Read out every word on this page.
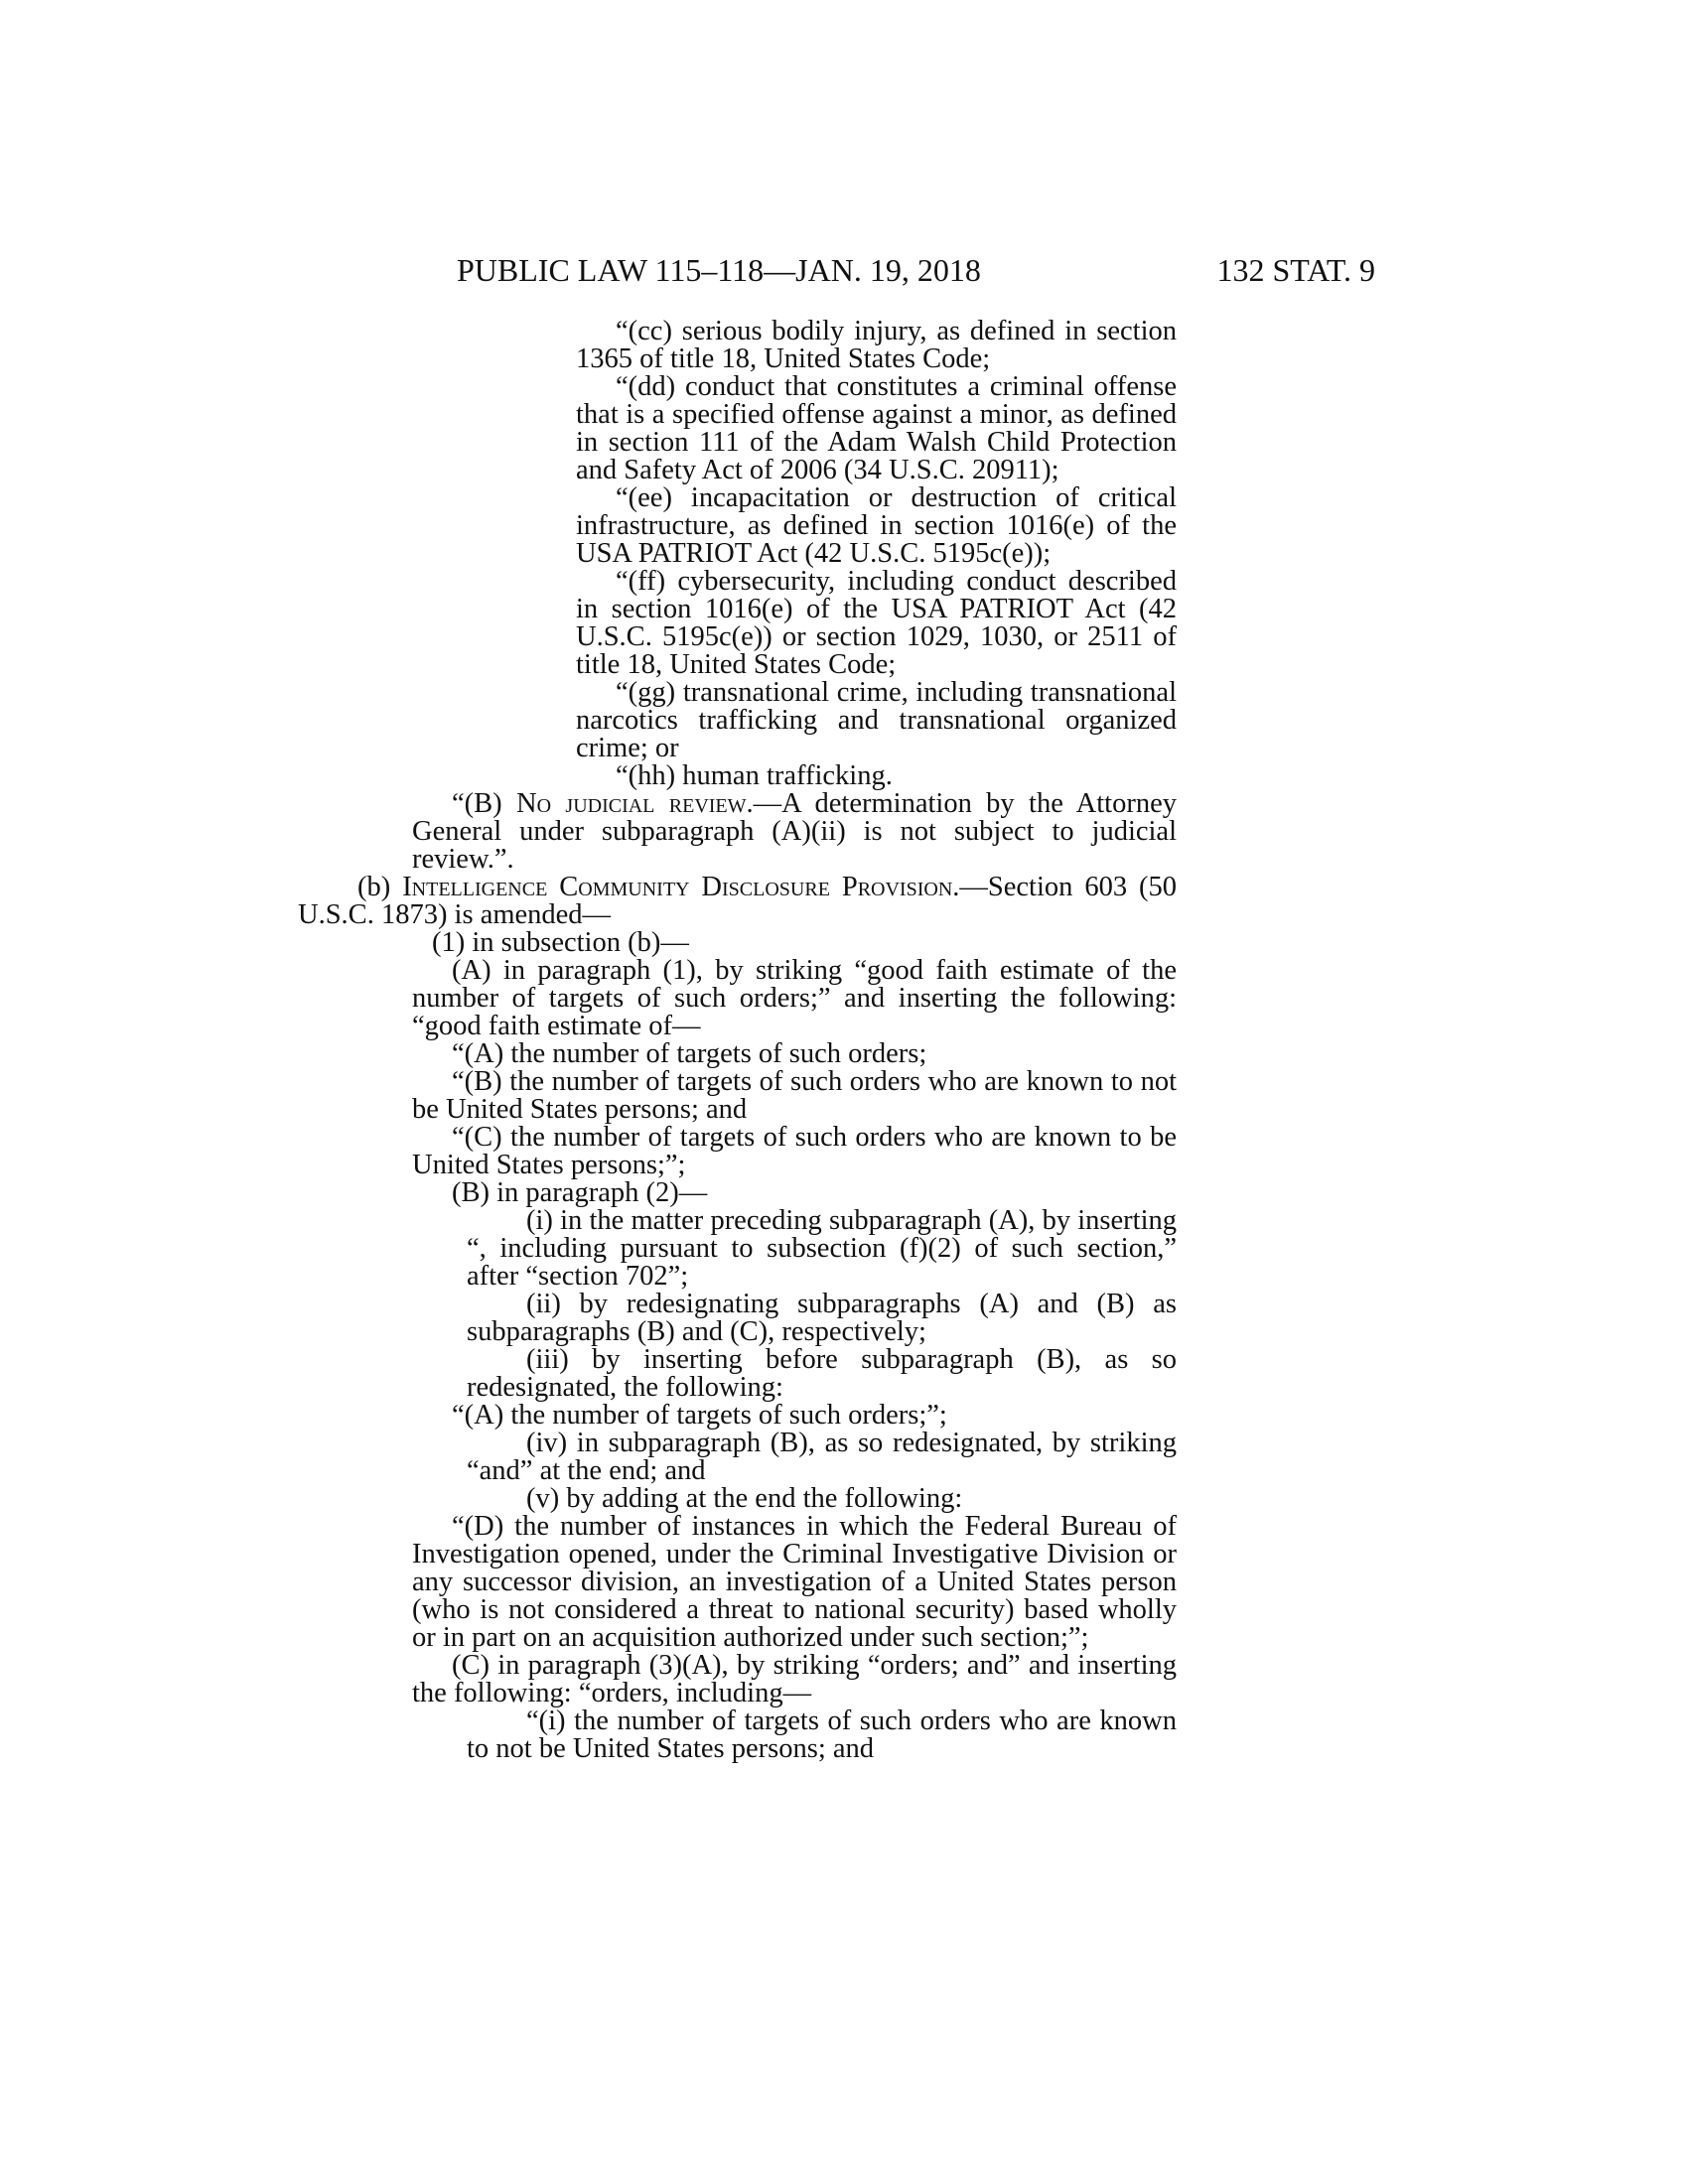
PUBLIC LAW 115–118—JAN. 19, 2018	132 STAT. 9

“(cc) serious bodily injury, as defined in section 1365 of title 18, United States Code;

“(dd) conduct that constitutes a criminal offense that is a specified offense against a minor, as defined in section 111 of the Adam Walsh Child Protection and Safety Act of 2006 (34 U.S.C. 20911);

“(ee) incapacitation or destruction of critical infrastructure, as defined in section 1016(e) of the USA PATRIOT Act (42 U.S.C. 5195c(e));

“(ff) cybersecurity, including conduct described in section 1016(e) of the USA PATRIOT Act (42 U.S.C. 5195c(e)) or section 1029, 1030, or 2511 of title 18, United States Code;

“(gg) transnational crime, including transnational narcotics trafficking and transnational organized crime; or

“(hh) human trafficking.

“(B) No judicial review.—A determination by the Attorney General under subparagraph (A)(ii) is not subject to judicial review.”.

(b) Intelligence Community Disclosure Provision.—Section 603 (50 U.S.C. 1873) is amended—

(1) in subsection (b)—

(A) in paragraph (1), by striking “good faith estimate of the number of targets of such orders;” and inserting the following: “good faith estimate of—

“(A) the number of targets of such orders;

“(B) the number of targets of such orders who are known to not be United States persons; and

“(C) the number of targets of such orders who are known to be United States persons;”;

(B) in paragraph (2)—

(i) in the matter preceding subparagraph (A), by inserting “, including pursuant to subsection (f)(2) of such section,” after “section 702”;

(ii) by redesignating subparagraphs (A) and (B) as subparagraphs (B) and (C), respectively;

(iii) by inserting before subparagraph (B), as so redesignated, the following:

“(A) the number of targets of such orders;”;

(iv) in subparagraph (B), as so redesignated, by striking “and” at the end; and

(v) by adding at the end the following:

“(D) the number of instances in which the Federal Bureau of Investigation opened, under the Criminal Investigative Division or any successor division, an investigation of a United States person (who is not considered a threat to national security) based wholly or in part on an acquisition authorized under such section;”;

(C) in paragraph (3)(A), by striking “orders; and” and inserting the following: “orders, including—

“(i) the number of targets of such orders who are known to not be United States persons; and
